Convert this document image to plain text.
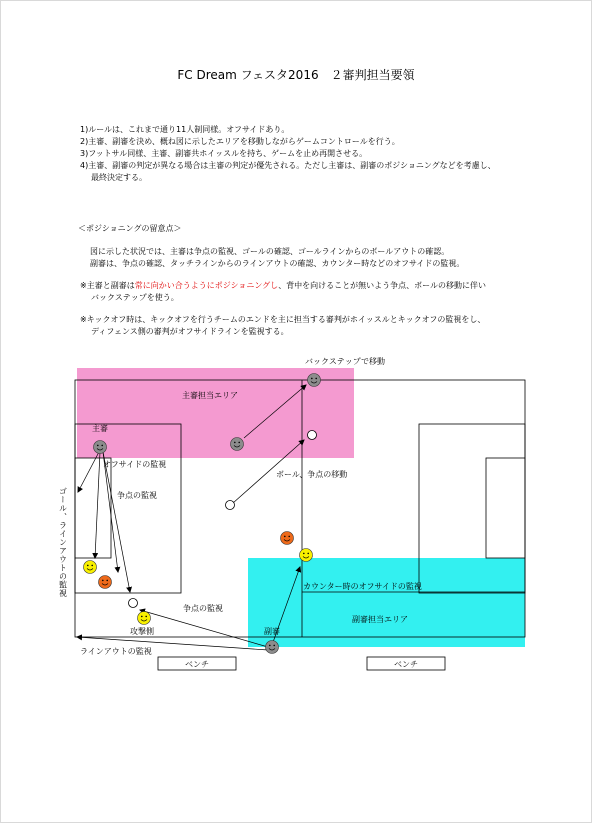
FC Dream フェスタ2016　２審判担当要領
1)ルールは、これまで通り11人制同様。オフサイドあり。
2)主審、副審を決め、概ね図に示したエリアを移動しながらゲームコントロールを行う。
3)フットサル同様、主審、副審共ホイッスルを持ち、ゲームを止め再開させる。
4)主審、副審の判定が異なる場合は主審の判定が優先される。ただし主審は、副審のポジショニングなどを考慮し、
最終決定する。
＜ポジショニングの留意点＞
図に示した状況では、主審は争点の監視、ゴールの確認、ゴールラインからのボールアウトの確認。
副審は、争点の確認、タッチラインからのラインアウトの確認、カウンター時などのオフサイドの監視。
※主審と副審は常に向かい合うようにポジショニングし、背中を向けることが無いよう争点、ボールの移動に伴い
バックステップを使う。
※キックオフ時は、キックオフを行うチームのエンドを主に担当する審判がホイッスルとキックオフの監視をし、
ディフェンス側の審判がオフサイドラインを監視する。
バックステップで移動
主審担当エリア
主審
オフサイドの監視
争点の監視
ボール、争点の移動
カウンター時のオフサイドの監視
副審担当エリア
争点の監視
攻撃側	副審
ラインアウトの監視
ベンチ	ベンチ
ゴール、ラインアウトの監視
